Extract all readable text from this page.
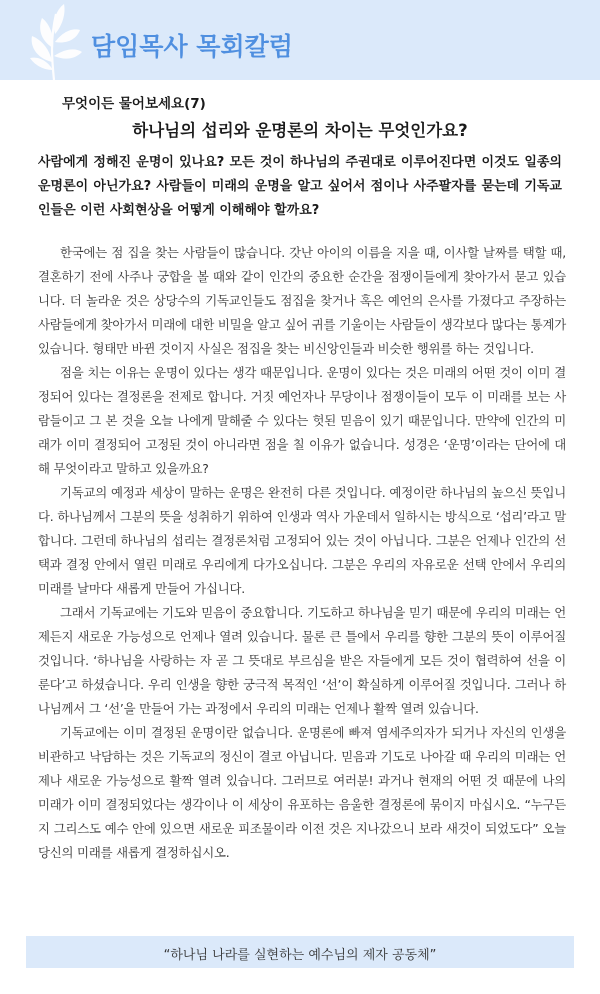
담임목사 목회칼럼
무엇이든 물어보세요(7)
하나님의 섭리와 운명론의 차이는 무엇인가요?

사람에게 정해진 운명이 있나요? 모든 것이 하나님의 주권대로 이루어진다면 이것도 일종의 운명론이 아닌가요? 사람들이 미래의 운명을 알고 싶어서 점이나 사주팔자를 묻는데 기독교인들은 이런 사회현상을 어떻게 이해해야 할까요?

한국에는 점 집을 찾는 사람들이 많습니다. 갓난 아이의 이름을 지을 때, 이사할 날짜를 택할 때, 결혼하기 전에 사주나 궁합을 볼 때와 같이 인간의 중요한 순간을 점쟁이들에게 찾아가서 묻고 있습니다. 더 놀라운 것은 상당수의 기독교인들도 점집을 찾거나 혹은 예언의 은사를 가졌다고 주장하는 사람들에게 찾아가서 미래에 대한 비밀을 알고 싶어 귀를 기울이는 사람들이 생각보다 많다는 통계가 있습니다. 형태만 바뀐 것이지 사실은 점집을 찾는 비신앙인들과 비슷한 행위를 하는 것입니다.

점을 치는 이유는 운명이 있다는 생각 때문입니다. 운명이 있다는 것은 미래의 어떤 것이 이미 결정되어 있다는 결정론을 전제로 합니다. 거짓 예언자나 무당이나 점쟁이들이 모두 이 미래를 보는 사람들이고 그 본 것을 오늘 나에게 말해줄 수 있다는 헛된 믿음이 있기 때문입니다. 만약에 인간의 미래가 이미 결정되어 고정된 것이 아니라면 점을 칠 이유가 없습니다. 성경은 ‘운명’이라는 단어에 대해 무엇이라고 말하고 있을까요?

기독교의 예정과 세상이 말하는 운명은 완전히 다른 것입니다. 예정이란 하나님의 높으신 뜻입니다. 하나님께서 그분의 뜻을 성취하기 위하여 인생과 역사 가운데서 일하시는 방식으로 ‘섭리’라고 말합니다. 그런데 하나님의 섭리는 결정론처럼 고정되어 있는 것이 아닙니다. 그분은 언제나 인간의 선택과 결정 안에서 열린 미래로 우리에게 다가오십니다. 그분은 우리의 자유로운 선택 안에서 우리의 미래를 날마다 새롭게 만들어 가십니다.

그래서 기독교에는 기도와 믿음이 중요합니다. 기도하고 하나님을 믿기 때문에 우리의 미래는 언제든지 새로운 가능성으로 언제나 열려 있습니다. 물론 큰 틀에서 우리를 향한 그분의 뜻이 이루어질 것입니다. ‘하나님을 사랑하는 자 곧 그 뜻대로 부르심을 받은 자들에게 모든 것이 협력하여 선을 이룬다’고 하셨습니다. 우리 인생을 향한 궁극적 목적인 ‘선’이 확실하게 이루어질 것입니다. 그러나 하나님께서 그 ‘선’을 만들어 가는 과정에서 우리의 미래는 언제나 활짝 열려 있습니다.

기독교에는 이미 결정된 운명이란 없습니다. 운명론에 빠져 염세주의자가 되거나 자신의 인생을 비관하고 낙담하는 것은 기독교의 정신이 결코 아닙니다. 믿음과 기도로 나아갈 때 우리의 미래는 언제나 새로운 가능성으로 활짝 열려 있습니다. 그러므로 여러분! 과거나 현재의 어떤 것 때문에 나의 미래가 이미 결정되었다는 생각이나 이 세상이 유포하는 음울한 결정론에 묶이지 마십시오. “누구든지 그리스도 예수 안에 있으면 새로운 피조물이라 이전 것은 지나갔으니 보라 새것이 되었도다” 오늘 당신의 미래를 새롭게 결정하십시오.

“하나님 나라를 실현하는 예수님의 제자 공동체”
